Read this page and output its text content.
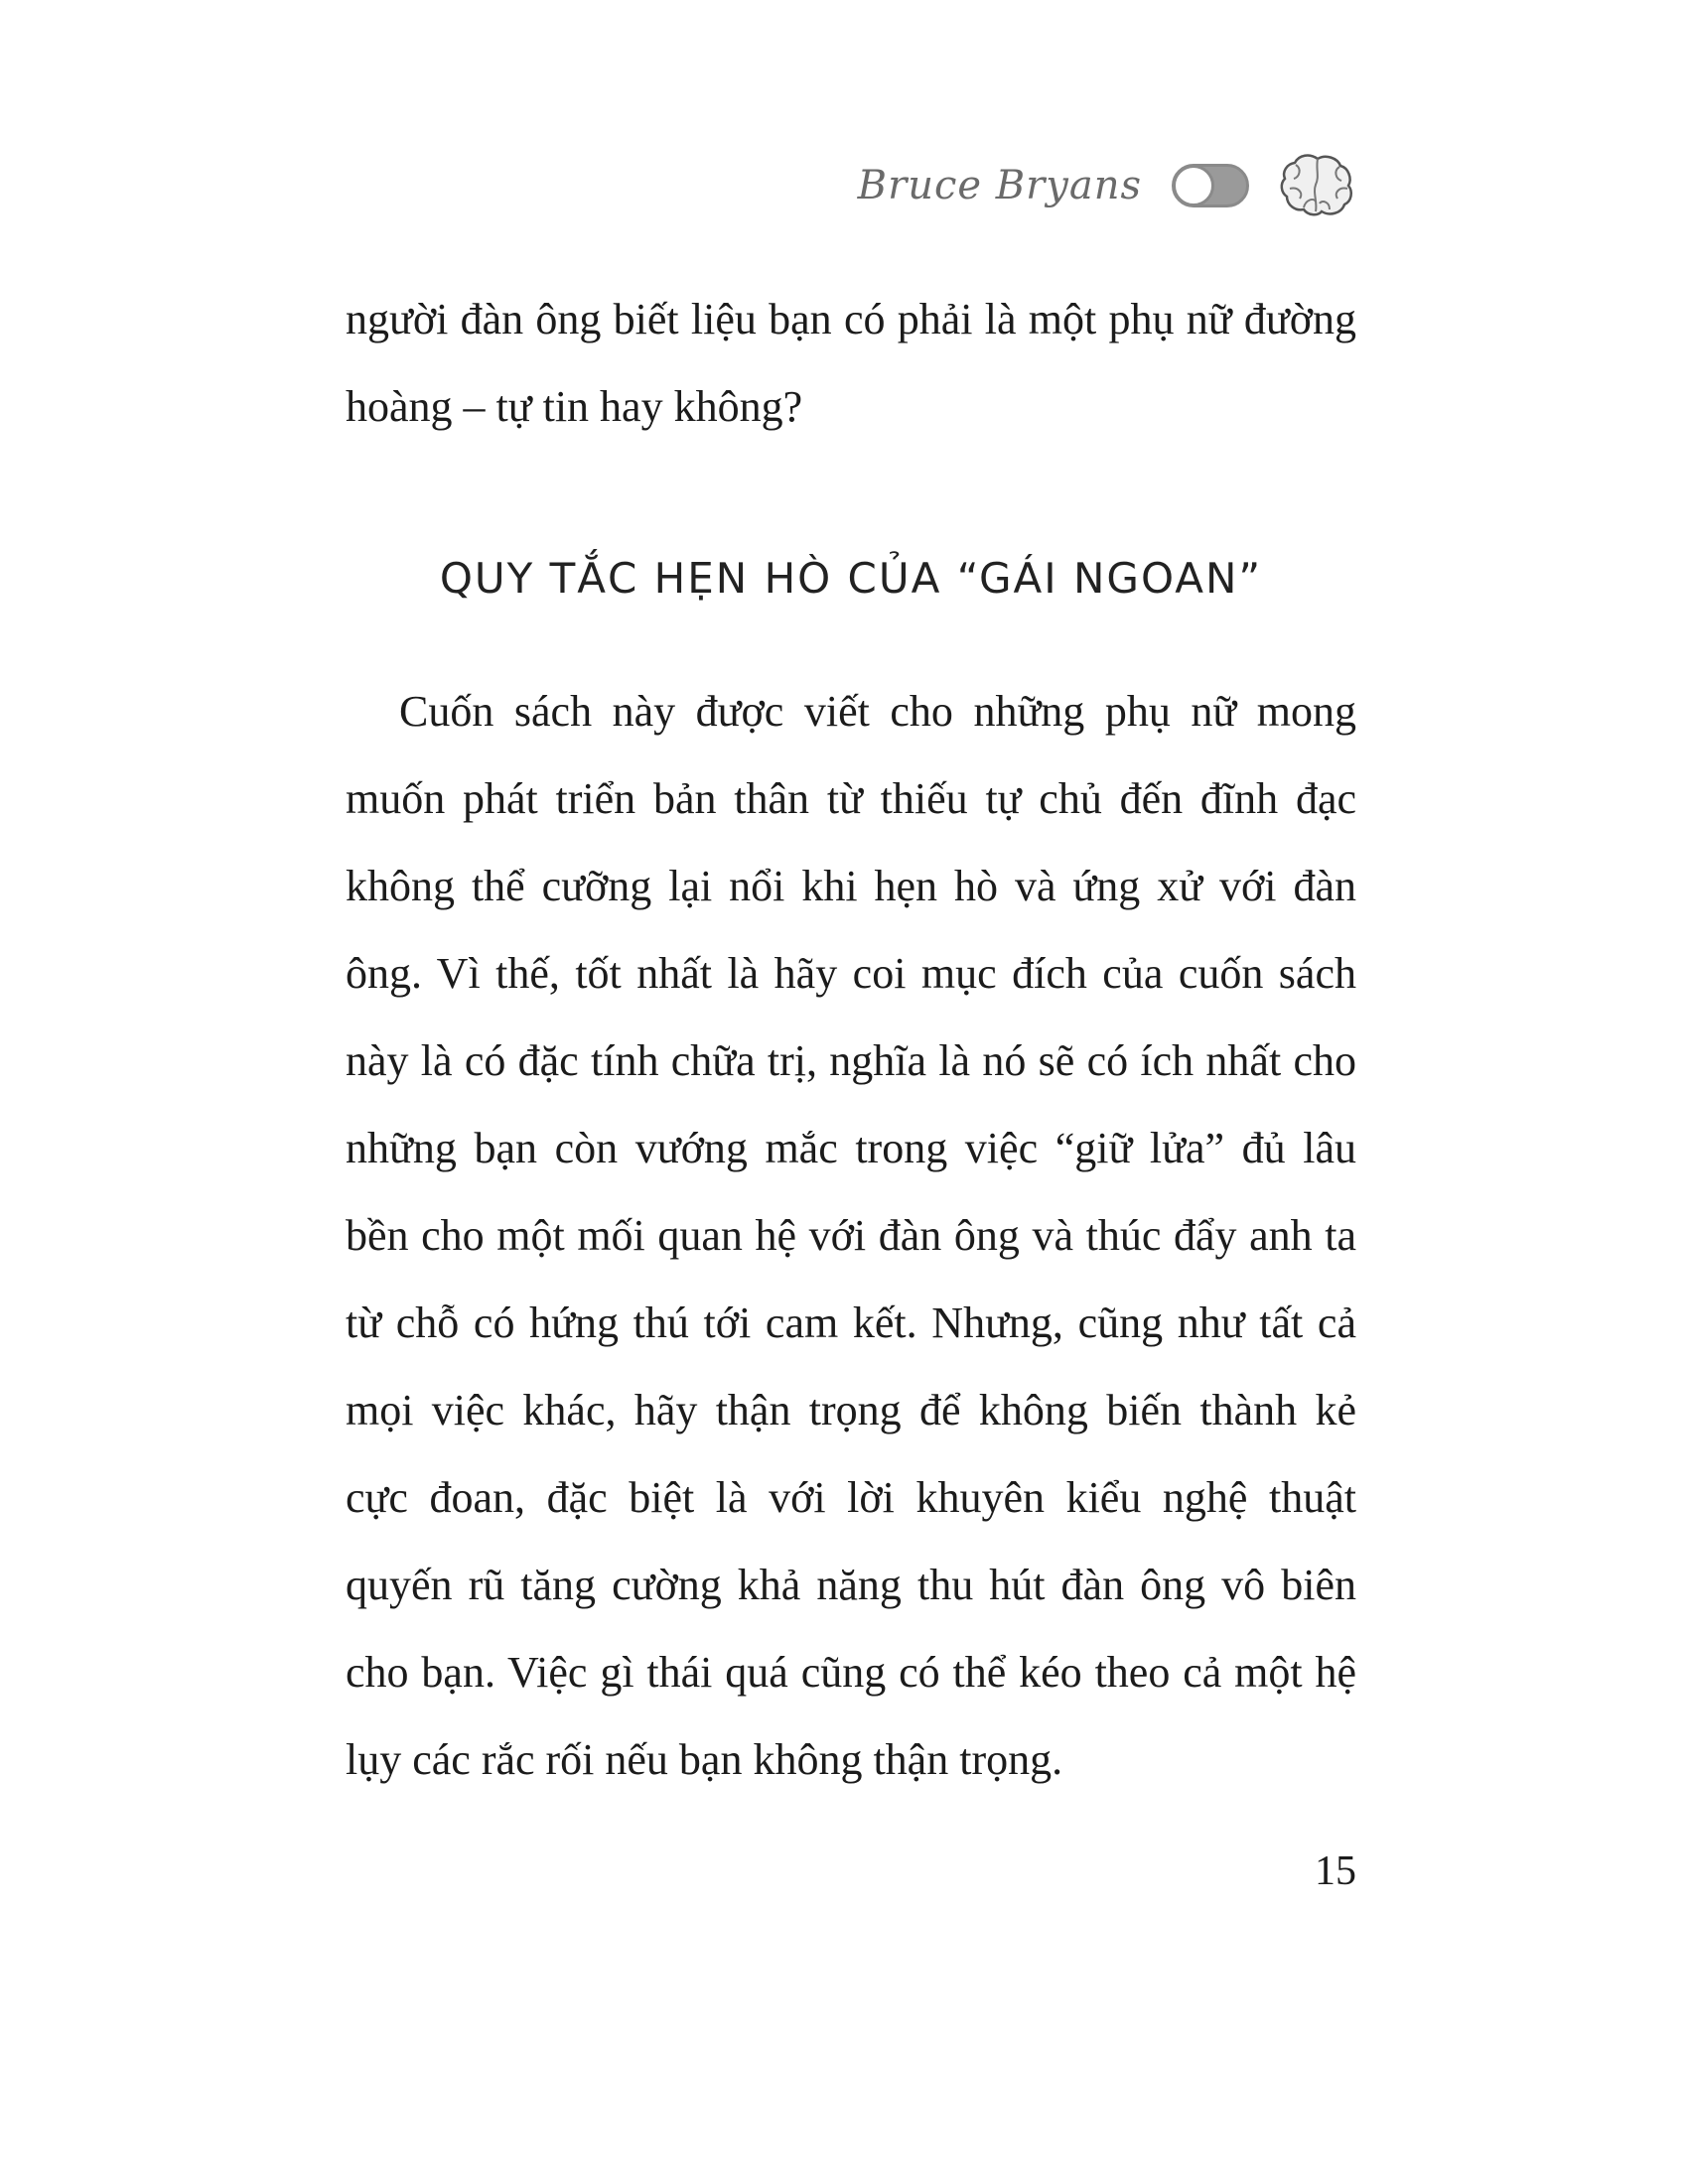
Bruce Bryans

người đàn ông biết liệu bạn có phải là một phụ nữ đường hoàng – tự tin hay không?

QUY TẮC HẸN HÒ CỦA “GÁI NGOAN”

Cuốn sách này được viết cho những phụ nữ mong muốn phát triển bản thân từ thiếu tự chủ đến đĩnh đạc không thể cưỡng lại nổi khi hẹn hò và ứng xử với đàn ông. Vì thế, tốt nhất là hãy coi mục đích của cuốn sách này là có đặc tính chữa trị, nghĩa là nó sẽ có ích nhất cho những bạn còn vướng mắc trong việc “giữ lửa” đủ lâu bền cho một mối quan hệ với đàn ông và thúc đẩy anh ta từ chỗ có hứng thú tới cam kết. Nhưng, cũng như tất cả mọi việc khác, hãy thận trọng để không biến thành kẻ cực đoan, đặc biệt là với lời khuyên kiểu nghệ thuật quyến rũ tăng cường khả năng thu hút đàn ông vô biên cho bạn. Việc gì thái quá cũng có thể kéo theo cả một hệ lụy các rắc rối nếu bạn không thận trọng.

15
